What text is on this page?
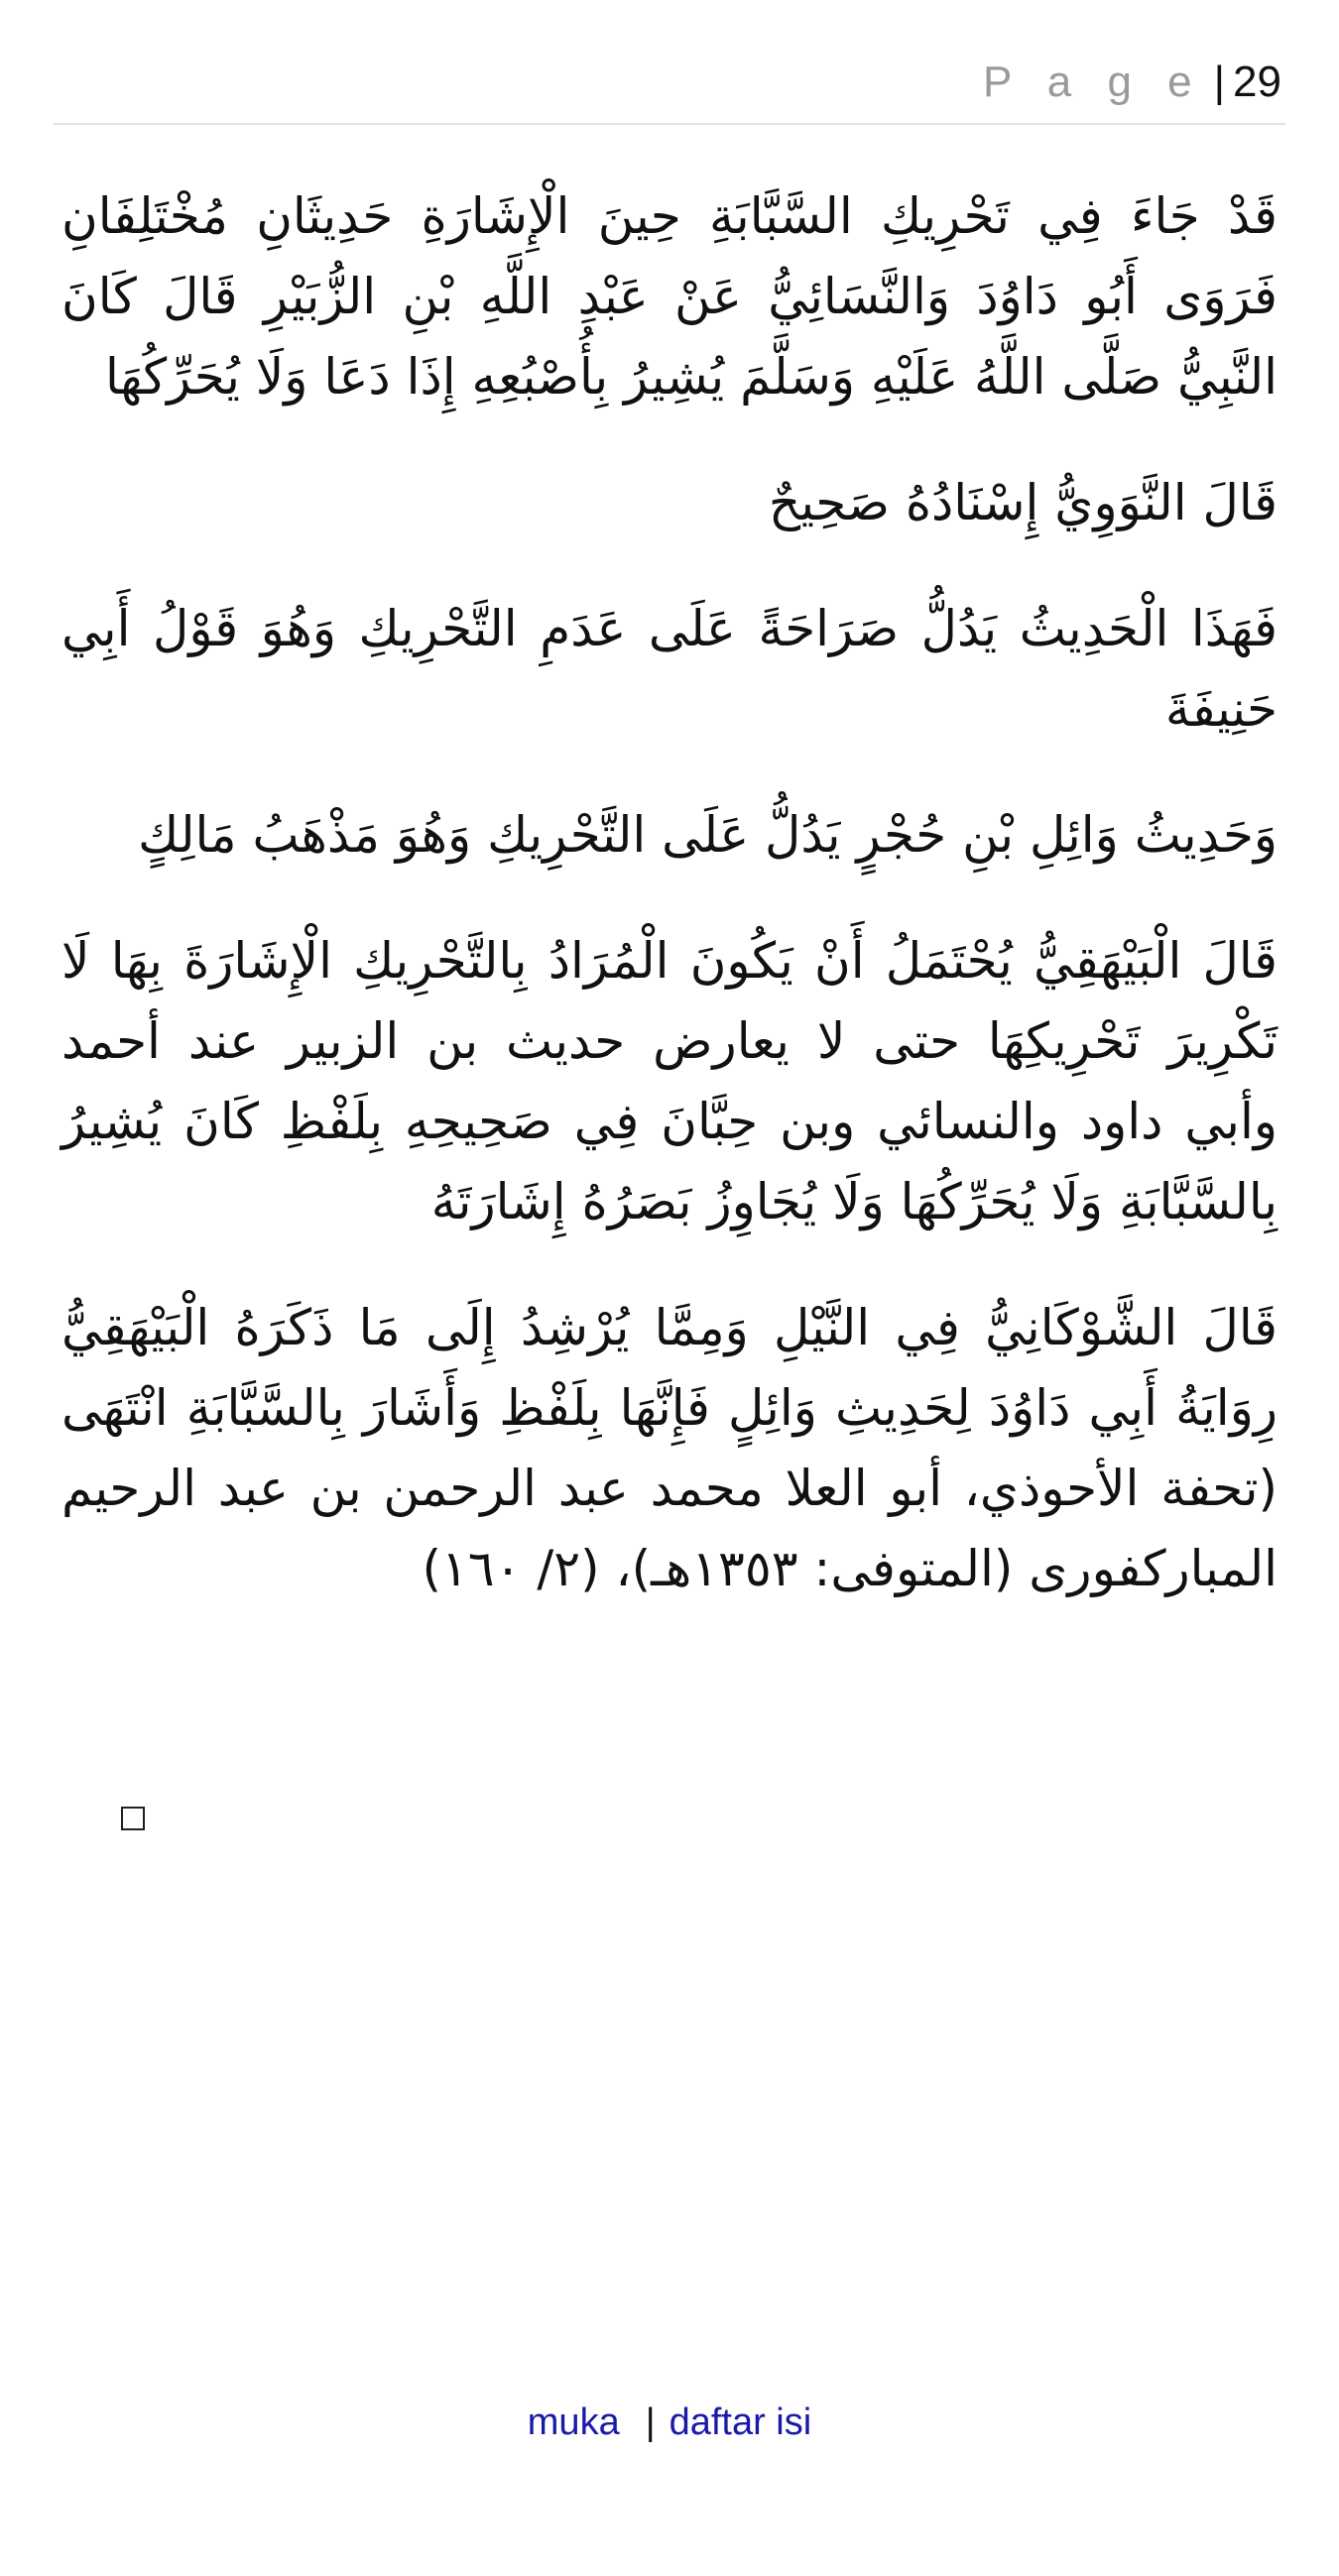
P a g e | 29

قَدْ جَاءَ فِي تَحْرِيكِ السَّبَّابَةِ حِينَ الْإِشَارَةِ حَدِيثَانِ مُخْتَلِفَانِ فَرَوَى أَبُو دَاوُدَ وَالنَّسَائِيُّ عَنْ عَبْدِ اللَّهِ بْنِ الزُّبَيْرِ قَالَ كَانَ النَّبِيُّ صَلَّى اللَّهُ عَلَيْهِ وَسَلَّمَ يُشِيرُ بِأُصْبُعِهِ إِذَا دَعَا وَلَا يُحَرِّكُهَا

قَالَ النَّوَوِيُّ إِسْنَادُهُ صَحِيحٌ

فَهَذَا الْحَدِيثُ يَدُلُّ صَرَاحَةً عَلَى عَدَمِ التَّحْرِيكِ وَهُوَ قَوْلُ أَبِي حَنِيفَةَ

وَحَدِيثُ وَائِلِ بْنِ حُجْرٍ يَدُلُّ عَلَى التَّحْرِيكِ وَهُوَ مَذْهَبُ مَالِكٍ

قَالَ الْبَيْهَقِيُّ يُحْتَمَلُ أَنْ يَكُونَ الْمُرَادُ بِالتَّحْرِيكِ الْإِشَارَةَ بِهَا لَا تَكْرِيرَ تَحْرِيكِهَا حتى لا يعارض حديث بن الزبير عند أحمد وأبي داود والنسائي وبن حِبَّانَ فِي صَحِيحِهِ بِلَفْظِ كَانَ يُشِيرُ بِالسَّبَّابَةِ وَلَا يُحَرِّكُهَا وَلَا يُجَاوِزُ بَصَرُهُ إِشَارَتَهُ

قَالَ الشَّوْكَانِيُّ فِي النَّيْلِ وَمِمَّا يُرْشِدُ إِلَى مَا ذَكَرَهُ الْبَيْهَقِيُّ رِوَايَةُ أَبِي دَاوُدَ لِحَدِيثِ وَائِلٍ فَإِنَّهَا بِلَفْظِ وَأَشَارَ بِالسَّبَّابَةِ انْتَهَى (تحفة الأحوذي، أبو العلا محمد عبد الرحمن بن عبد الرحيم المباركفورى (المتوفى: ١٣٥٣هـ)، (٢/ ١٦٠)

muka | daftar isi
